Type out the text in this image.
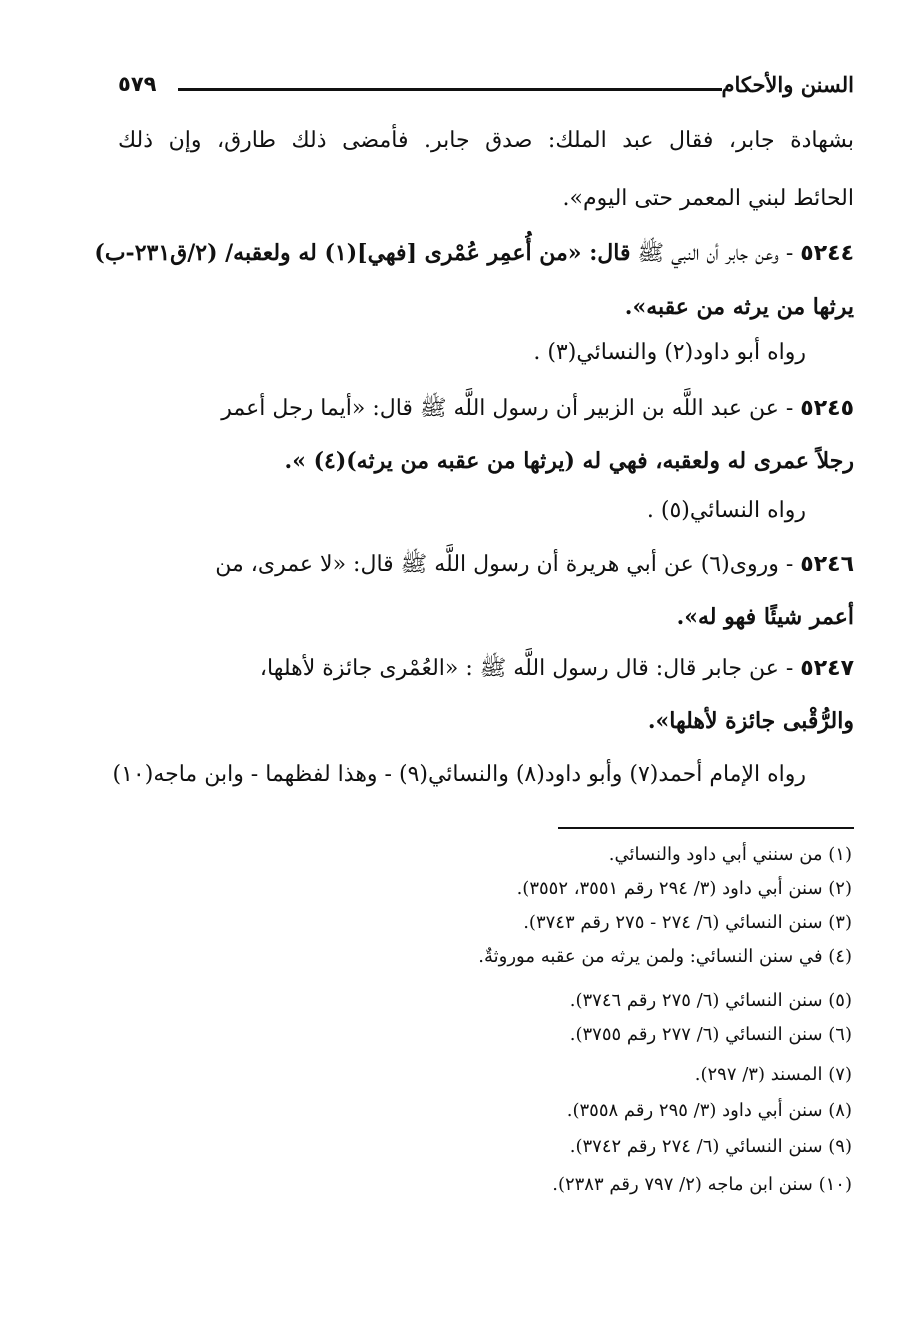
٥٧٩	السنن والأحكام
بشهادة جابر، فقال عبد الملك: صدق جابر. فأمضى ذلك طارق، وإن ذلك
الحائط لبني المعمر حتى اليوم».
٥٢٤٤ - وعن جابر أن النبي ﷺ قال: «من أُعمِر عُمْرى [فهي](١) له ولعقبه/ (٢/ق٢٣١-ب)
يرثها من يرثه من عقبه».
رواه أبو داود(٢) والنسائي(٣) .
٥٢٤٥ - عن عبد اللَّه بن الزبير أن رسول اللَّه ﷺ قال: «أيما رجل أعمر
رجلاً عمرى له ولعقبه، فهي له (يرثها من عقبه من يرثه)(٤) ».
رواه النسائي(٥) .
٥٢٤٦ - وروى(٦) عن أبي هريرة أن رسول اللَّه ﷺ قال: «لا عمرى، من
أعمر شيئًا فهو له».
٥٢٤٧ - عن جابر قال: قال رسول اللَّه ﷺ : «العُمْرى جائزة لأهلها،
والرُّقْبى جائزة لأهلها».
رواه الإمام أحمد(٧) وأبو داود(٨) والنسائي(٩) - وهذا لفظهما - وابن ماجه(١٠)
(١) من سنني أبي داود والنسائي.
(٢) سنن أبي داود (٣/ ٢٩٤ رقم ٣٥٥١، ٣٥٥٢).
(٣) سنن النسائي (٦/ ٢٧٤ - ٢٧٥ رقم ٣٧٤٣).
(٤) في سنن النسائي: ولمن يرثه من عقبه موروثةٌ.
(٥) سنن النسائي (٦/ ٢٧٥ رقم ٣٧٤٦).
(٦) سنن النسائي (٦/ ٢٧٧ رقم ٣٧٥٥).
(٧) المسند (٣/ ٢٩٧).
(٨) سنن أبي داود (٣/ ٢٩٥ رقم ٣٥٥٨).
(٩) سنن النسائي (٦/ ٢٧٤ رقم ٣٧٤٢).
(١٠) سنن ابن ماجه (٢/ ٧٩٧ رقم ٢٣٨٣).
